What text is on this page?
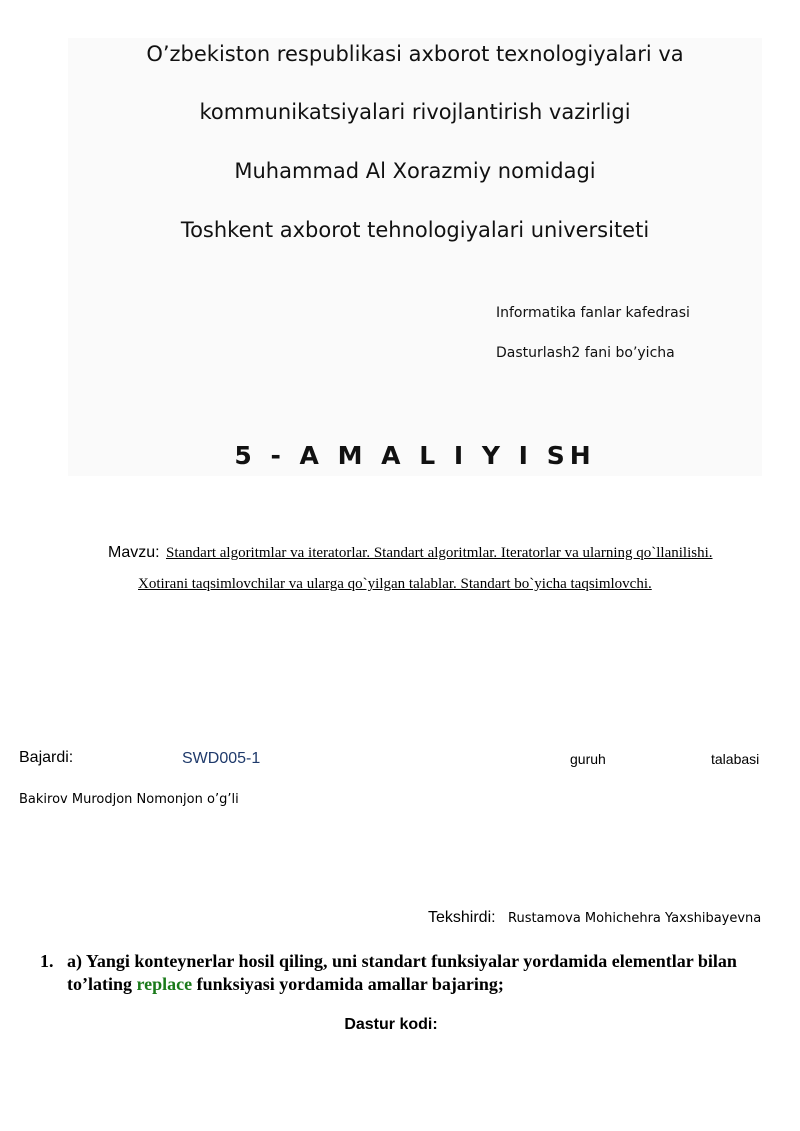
O’zbekiston respublikasi axborot texnologiyalari va
kommunikatsiyalari rivojlantirish vazirligi
Muhammad Al Xorazmiy nomidagi
Toshkent axborot tehnologiyalari universiteti
Informatika fanlar kafedrasi
Dasturlash2 fani bo’yicha
5 - A M A L I Y I SH
Mavzu: Standart algoritmlar va iteratorlar. Standart algoritmlar. Iteratorlar va ularning qo`llanilishi.
Xotirani taqsimlovchilar va ularga qo`yilgan talablar. Standart bo`yicha taqsimlovchi.
Bajardi:	SWD005-1	guruh	talabasi
Bakirov Murodjon Nomonjon o’g’li
Tekshirdi: Rustamova Mohichehra Yaxshibayevna
1. a) Yangi konteynerlar hosil qiling, uni standart funksiyalar yordamida elementlar bilan to’lating replace funksiyasi yordamida amallar bajaring;
Dastur kodi:
